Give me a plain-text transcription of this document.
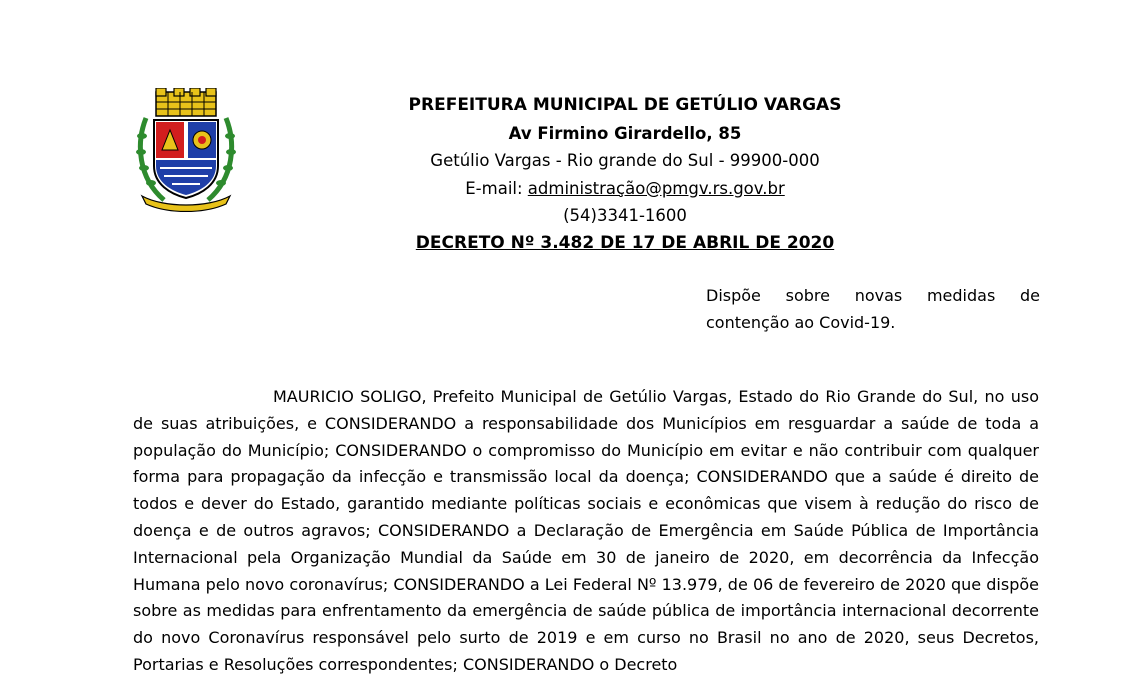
PREFEITURA MUNICIPAL DE GETÚLIO VARGAS
Av Firmino Girardello, 85
Getúlio Vargas - Rio grande do Sul - 99900-000
E-mail: administração@pmgv.rs.gov.br
(54)3341-1600
DECRETO Nº 3.482 DE 17 DE ABRIL DE 2020
Dispõe sobre novas medidas de contenção ao Covid-19.
MAURICIO SOLIGO, Prefeito Municipal de Getúlio Vargas, Estado do Rio Grande do Sul, no uso de suas atribuições, e CONSIDERANDO a responsabilidade dos Municípios em resguardar a saúde de toda a população do Município; CONSIDERANDO o compromisso do Município em evitar e não contribuir com qualquer forma para propagação da infecção e transmissão local da doença; CONSIDERANDO que a saúde é direito de todos e dever do Estado, garantido mediante políticas sociais e econômicas que visem à redução do risco de doença e de outros agravos; CONSIDERANDO a Declaração de Emergência em Saúde Pública de Importância Internacional pela Organização Mundial da Saúde em 30 de janeiro de 2020, em decorrência da Infecção Humana pelo novo coronavírus; CONSIDERANDO a Lei Federal Nº 13.979, de 06 de fevereiro de 2020 que dispõe sobre as medidas para enfrentamento da emergência de saúde pública de importância internacional decorrente do novo Coronavírus responsável pelo surto de 2019 e em curso no Brasil no ano de 2020, seus Decretos, Portarias e Resoluções correspondentes; CONSIDERANDO o Decreto
